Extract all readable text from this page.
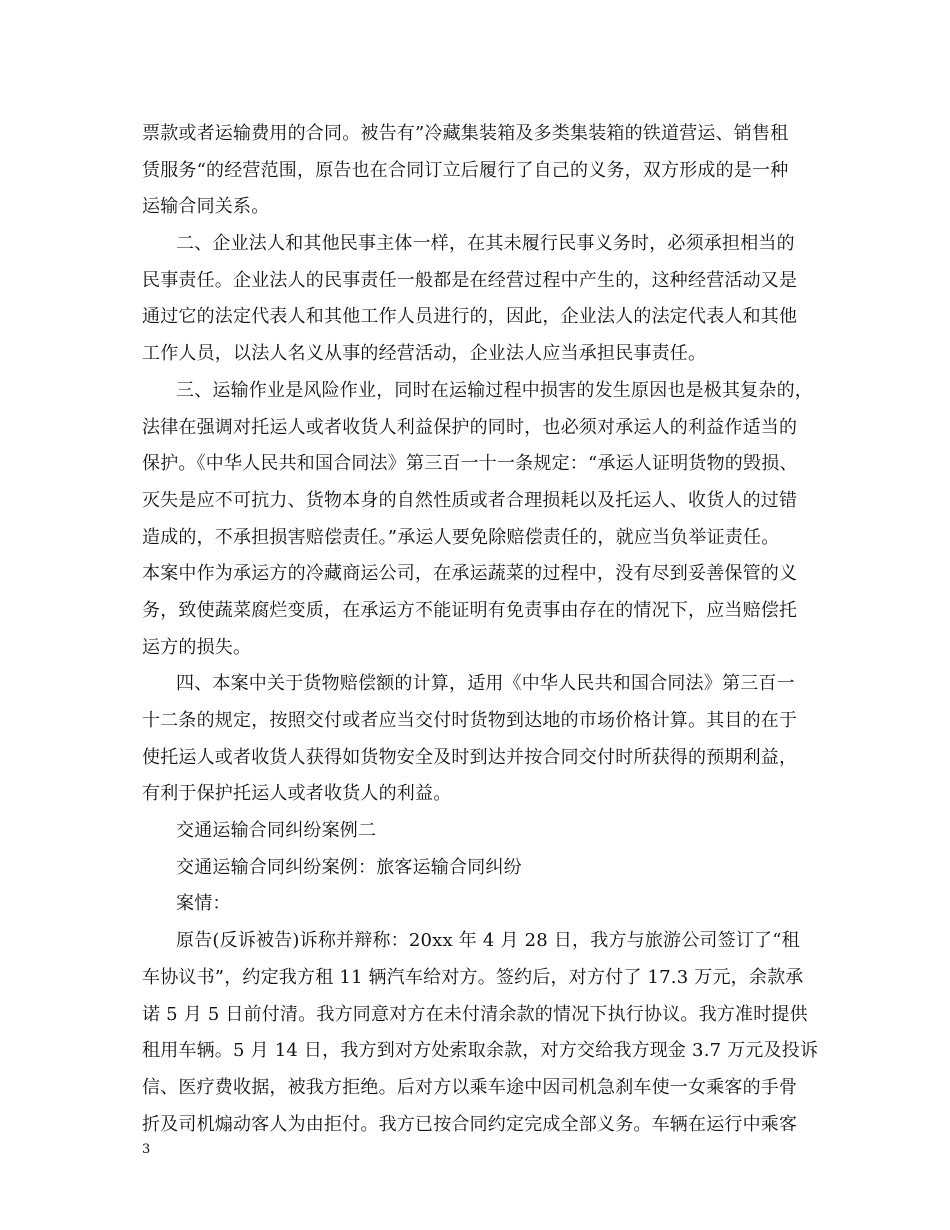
票款或者运输费用的合同。被告有”冷藏集装箱及多类集装箱的铁道营运、销售租
赁服务“的经营范围，原告也在合同订立后履行了自己的义务，双方形成的是一种
运输合同关系。
二、企业法人和其他民事主体一样，在其未履行民事义务时，必须承担相当的
民事责任。企业法人的民事责任一般都是在经营过程中产生的，这种经营活动又是
通过它的法定代表人和其他工作人员进行的，因此，企业法人的法定代表人和其他
工作人员，以法人名义从事的经营活动，企业法人应当承担民事责任。
三、运输作业是风险作业，同时在运输过程中损害的发生原因也是极其复杂的，
法律在强调对托运人或者收货人利益保护的同时，也必须对承运人的利益作适当的
保护。《中华人民共和国合同法》第三百一十一条规定：“承运人证明货物的毁损、
灭失是应不可抗力、货物本身的自然性质或者合理损耗以及托运人、收货人的过错
造成的，不承担损害赔偿责任。”承运人要免除赔偿责任的，就应当负举证责任。
本案中作为承运方的冷藏商运公司，在承运蔬菜的过程中，没有尽到妥善保管的义
务，致使蔬菜腐烂变质，在承运方不能证明有免责事由存在的情况下，应当赔偿托
运方的损失。
四、本案中关于货物赔偿额的计算，适用《中华人民共和国合同法》第三百一
十二条的规定，按照交付或者应当交付时货物到达地的市场价格计算。其目的在于
使托运人或者收货人获得如货物安全及时到达并按合同交付时所获得的预期利益，
有利于保护托运人或者收货人的利益。
交通运输合同纠纷案例二
交通运输合同纠纷案例：旅客运输合同纠纷
案情：
原告(反诉被告)诉称并辩称：20xx 年 4 月 28 日，我方与旅游公司签订了“租
车协议书”，约定我方租 11 辆汽车给对方。签约后，对方付了 17.3 万元，余款承
诺 5 月 5 日前付清。我方同意对方在未付清余款的情况下执行协议。我方准时提供
租用车辆。5 月 14 日，我方到对方处索取余款，对方交给我方现金 3.7 万元及投诉
信、医疗费收据，被我方拒绝。后对方以乘车途中因司机急刹车使一女乘客的手骨
折及司机煽动客人为由拒付。我方已按合同约定完成全部义务。车辆在运行中乘客
3
